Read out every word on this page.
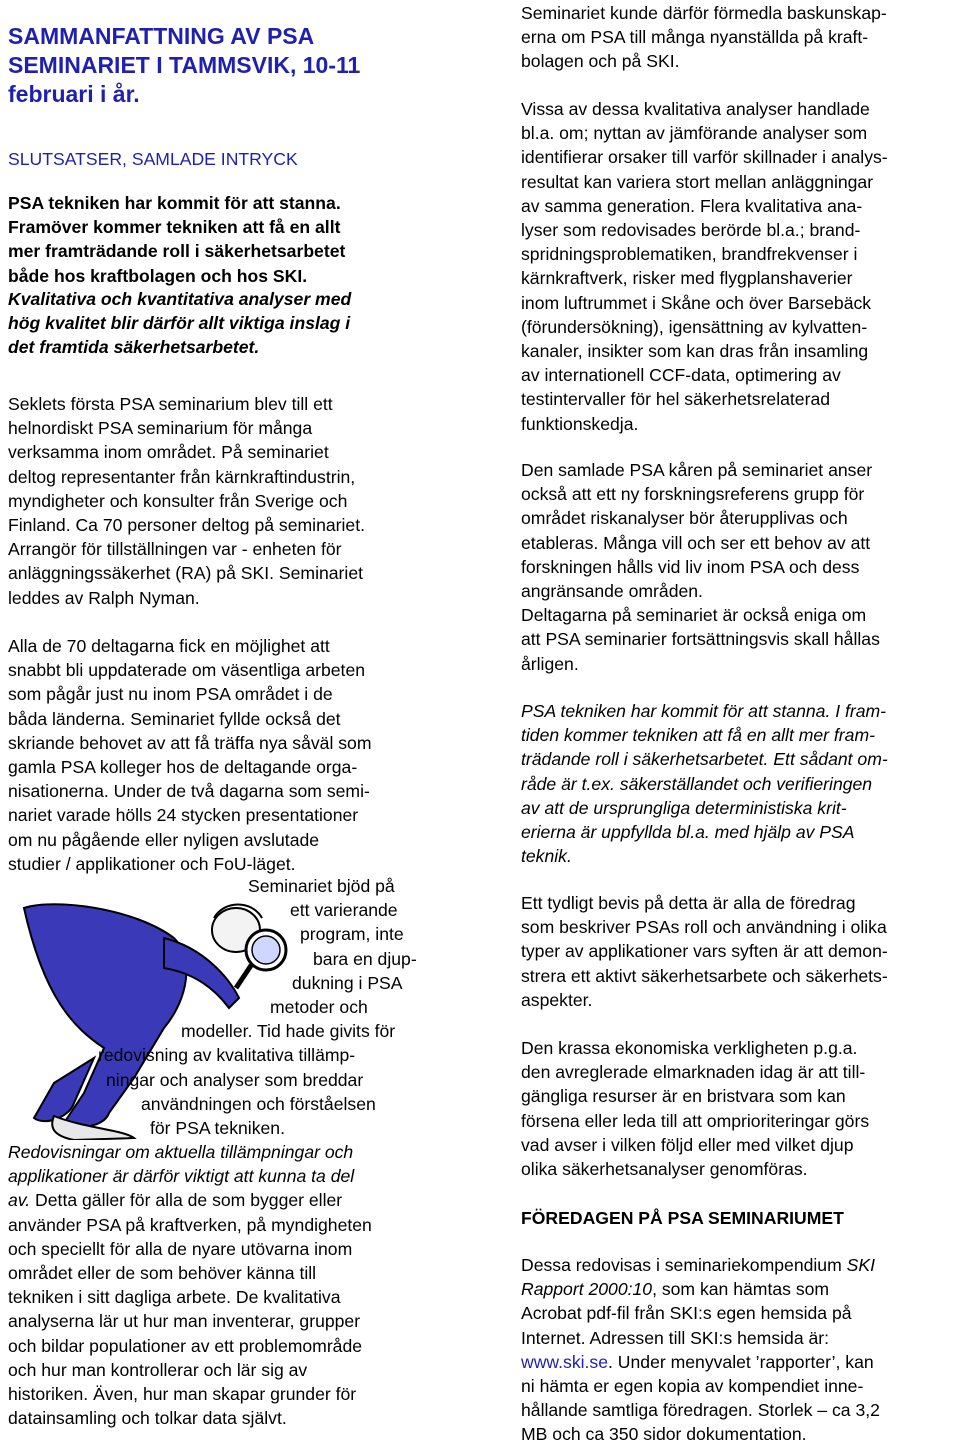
SAMMANFATTNING AV PSA
SEMINARIET I TAMMSVIK, 10-11
februari i år.
SLUTSATSER, SAMLADE INTRYCK
PSA tekniken har kommit för att stanna.
Framöver kommer tekniken att få en allt
mer framträdande roll i säkerhetsarbetet
både hos kraftbolagen och hos SKI.
Kvalitativa och kvantitativa analyser med
hög kvalitet blir därför allt viktiga inslag i
det framtida säkerhetsarbetet.
Seklets första PSA seminarium blev till ett
helnordiskt PSA seminarium för många
verksamma inom området. På seminariet
deltog representanter från kärnkraftindustrin,
myndigheter och konsulter från Sverige och
Finland. Ca 70 personer deltog på seminariet.
Arrangör för tillställningen var - enheten för
anläggningssäkerhet (RA) på SKI. Seminariet
leddes av Ralph Nyman.
Alla de 70 deltagarna fick en möjlighet att
snabbt bli uppdaterade om väsentliga arbeten
som pågår just nu inom PSA området i de
båda länderna. Seminariet fyllde också det
skriande behovet av att få träffa nya såväl som
gamla PSA kolleger hos de deltagande orga-
nisationerna. Under de två dagarna som semi-
nariet varade hölls 24 stycken presentationer
om nu pågående eller nyligen avslutade
studier / applikationer och FoU-läget.
Seminariet bjöd på
ett varierande
program, inte
bara en djup-
dukning i PSA
metoder och
modeller. Tid hade givits för
redovisning av kvalitativa tillämp-
ningar och analyser som breddar
användningen och förståelsen
för PSA tekniken.
Redovisningar om aktuella tillämpningar och
applikationer är därför viktigt att kunna ta del
av. Detta gäller för alla de som bygger eller
använder PSA på kraftverken, på myndigheten
och speciellt för alla de nyare utövarna inom
området eller de som behöver känna till
tekniken i sitt dagliga arbete. De kvalitativa
analyserna lär ut hur man inventerar, grupper
och bildar populationer av ett problemområde
och hur man kontrollerar och lär sig av
historiken. Även, hur man skapar grunder för
datainsamling och tolkar data självt.
Seminariet kunde därför förmedla baskunskap-
erna om PSA till många nyanställda på kraft-
bolagen och på SKI.
Vissa av dessa kvalitativa analyser handlade
bl.a. om; nyttan av jämförande analyser som
identifierar orsaker till varför skillnader i analys-
resultat kan variera stort mellan anläggningar
av samma generation. Flera kvalitativa ana-
lyser som redovisades berörde bl.a.; brand-
spridningsproblematiken, brandfrekvenser i
kärnkraftverk, risker med flygplanshaverier
inom luftrummet i Skåne och över Barsebäck
(förundersökning), igensättning av kylvatten-
kanaler, insikter som kan dras från insamling
av internationell CCF-data, optimering av
testintervaller för hel säkerhetsrelaterad
funktionskedja.
Den samlade PSA kåren på seminariet anser
också att ett ny forskningsreferens grupp för
området riskanalyser bör återupplivas och
etableras. Många vill och ser ett behov av att
forskningen hålls vid liv inom PSA och dess
angränsande områden.
Deltagarna på seminariet är också eniga om
att PSA seminarier fortsättningsvis skall hållas
årligen.
PSA tekniken har kommit för att stanna. I fram-
tiden kommer tekniken att få en allt mer fram-
trädande roll i säkerhetsarbetet. Ett sådant om-
råde är t.ex. säkerställandet och verifieringen
av att de ursprungliga deterministiska krit-
erierna är uppfyllda bl.a. med hjälp av PSA
teknik.
Ett tydligt bevis på detta är alla de föredrag
som beskriver PSAs roll och användning i olika
typer av applikationer vars syften är att demon-
strera ett aktivt säkerhetsarbete och säkerhets-
aspekter.
Den krassa ekonomiska verkligheten p.g.a.
den avreglerade elmarknaden idag är att till-
gängliga resurser är en bristvara som kan
försena eller leda till att omprioriteringar görs
vad avser i vilken följd eller med vilket djup
olika säkerhetsanalyser genomföras.
FÖREDAGEN PÅ PSA SEMINARIUMET
Dessa redovisas i seminariekompendium SKI
Rapport 2000:10, som kan hämtas som
Acrobat pdf-fil från SKI:s egen hemsida på
Internet. Adressen till SKI:s hemsida är:
www.ski.se. Under menyvalet ’rapporter’, kan
ni hämta er egen kopia av kompendiet inne-
hållande samtliga föredragen. Storlek – ca 3,2
MB och ca 350 sidor dokumentation.
